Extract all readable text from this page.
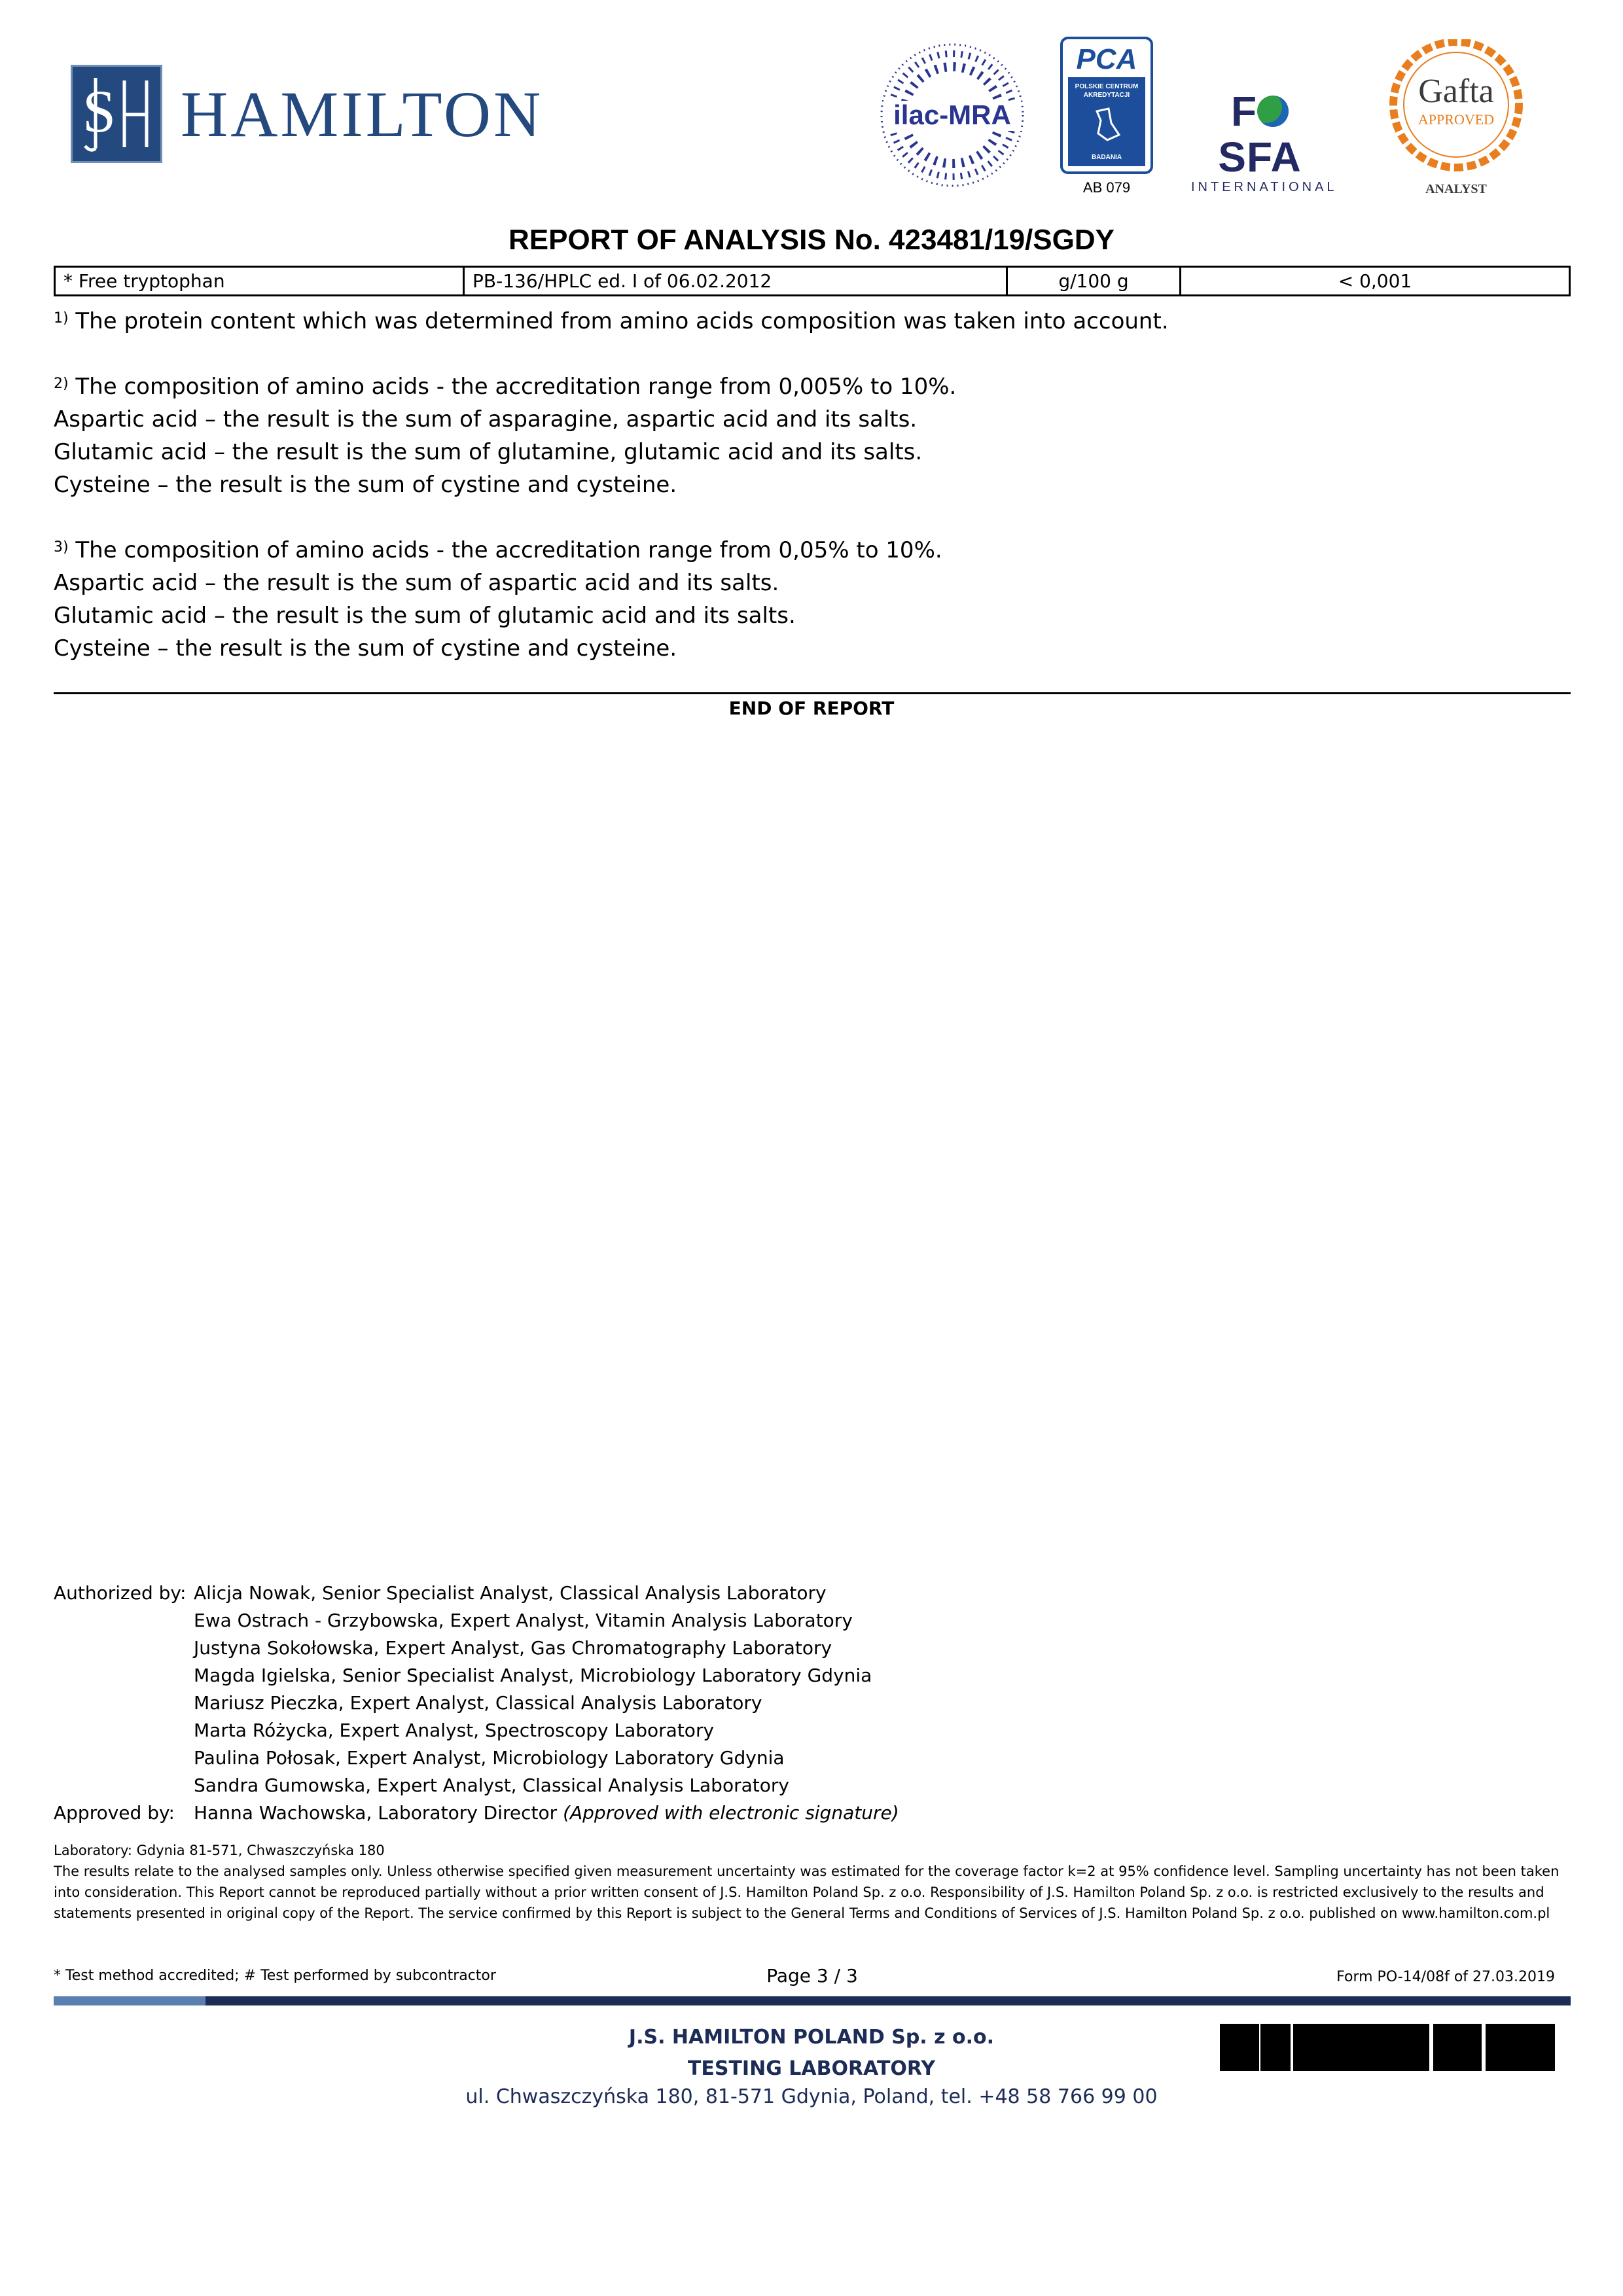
S HAMILTON	ilac-MRA
PCA
POLSKIE CENTRUM
AKREDYTACJI
BADANIA
AB 079
FSFA
INTERNATIONAL
Gafta
APPROVED
ANALYST
REPORT OF ANALYSIS No. 423481/19/SGDY
* Free tryptophan	PB-136/HPLC ed. I of 06.02.2012	g/100 g	< 0,001

$^{1)}$ The protein content which was determined from amino acids composition was taken into account.

$^{2)}$ The composition of amino acids - the accreditation range from 0,005% to 10%.

Aspartic acid – the result is the sum of asparagine, aspartic acid and its salts.

Glutamic acid – the result is the sum of glutamine, glutamic acid and its salts.

Cysteine – the result is the sum of cystine and cysteine.

$^{3)}$ The composition of amino acids - the accreditation range from 0,05% to 10%.

Aspartic acid – the result is the sum of aspartic acid and its salts.

Glutamic acid – the result is the sum of glutamic acid and its salts.

Cysteine – the result is the sum of cystine and cysteine.

END OF REPORT
Authorized by: Alicja Nowak, Senior Specialist Analyst, Classical Analysis Laboratory
Ewa Ostrach - Grzybowska, Expert Analyst, Vitamin Analysis Laboratory
Justyna Sokołowska, Expert Analyst, Gas Chromatography Laboratory
Magda Igielska, Senior Specialist Analyst, Microbiology Laboratory Gdynia
Mariusz Pieczka, Expert Analyst, Classical Analysis Laboratory
Marta Różycka, Expert Analyst, Spectroscopy Laboratory
Paulina Połosak, Expert Analyst, Microbiology Laboratory Gdynia
Sandra Gumowska, Expert Analyst, Classical Analysis Laboratory
Approved by:	Hanna Wachowska, Laboratory Director (Approved with electronic signature)

Laboratory: Gdynia 81-571, Chwaszczyńska 180

The results relate to the analysed samples only. Unless otherwise specified given measurement uncertainty was estimated for the coverage factor k=2 at 95% confidence level. Sampling uncertainty has not been taken into consideration. This Report cannot be reproduced partially without a prior written consent of J.S. Hamilton Poland Sp. z o.o. Responsibility of J.S. Hamilton Poland Sp. z o.o. is restricted exclusively to the results and statements presented in original copy of the Report. The service confirmed by this Report is subject to the General Terms and Conditions of Services of J.S. Hamilton Poland Sp. z o.o. published on www.hamilton.com.pl

* Test method accredited; # Test performed by subcontractor	Page 3 / 3	Form PO-14/08f of 27.03.2019
J.S. HAMILTON POLAND Sp. z o.o.
TESTING LABORATORY
ul. Chwaszczyńska 180, 81-571 Gdynia, Poland, tel. +48 58 766 99 00
